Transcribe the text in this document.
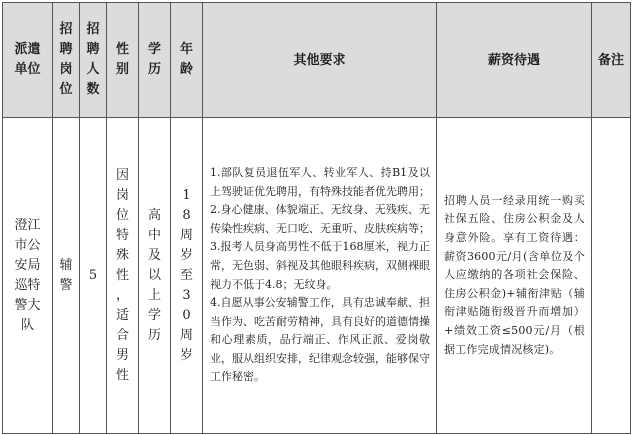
派遣单位	招聘岗位	招聘人数	性别	学历	年龄	其他要求	薪资待遇	备注

澄江市公安局巡特警大队	辅警	5	因岗位特殊性，适合男性	高中及以上学历	18周岁至30周岁	1.部队复员退伍军人、转业军人、持B1及以上驾驶证优先聘用，有特殊技能者优先聘用；

2.身心健康、体貌端正、无纹身、无残疾、无传染性疾病、无口吃、无重听、皮肤疾病等；

3.报考人员身高男性不低于168厘米，视力正常，无色弱、斜视及其他眼科疾病，双侧裸眼视力不低于4.8；无纹身。

4.自愿从事公安辅警工作，具有忠诚奉献、担当作为、吃苦耐劳精神，具有良好的道德情操和心理素质，品行端正、作风正派、爱岗敬业，服从组织安排，纪律观念较强，能够保守工作秘密。	招聘人员一经录用统一购买社保五险、住房公积金及人身意外险。享有工资待遇：薪资3600元/月(含单位及个人应缴纳的各项社会保险、住房公积金)+辅衔津贴（辅衔津贴随衔级晋升而增加）+绩效工资≤500元/月（根据工作完成情况核定)。	
